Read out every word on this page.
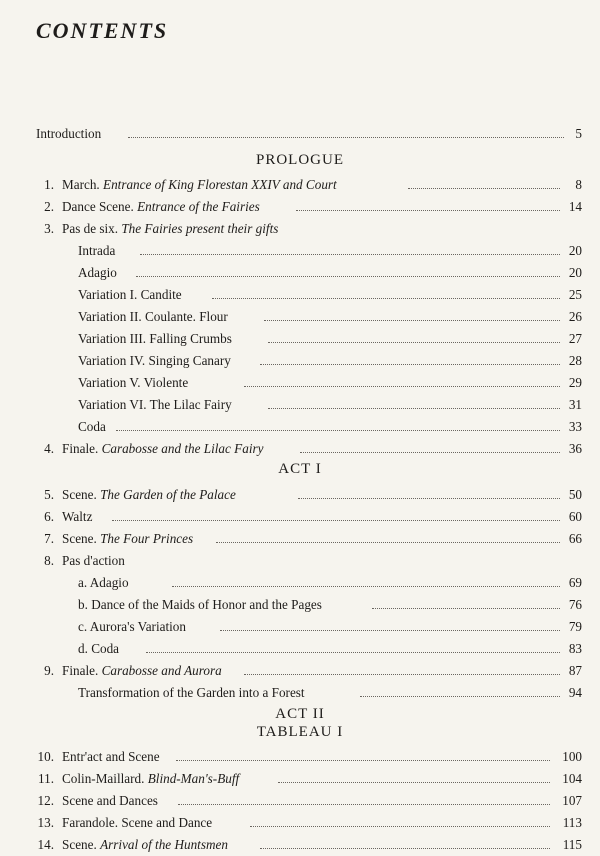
CONTENTS
Introduction	5
PROLOGUE
1. March. Entrance of King Florestan XXIV and Court	8
2. Dance Scene. Entrance of the Fairies	14
3. Pas de six. The Fairies present their gifts
Intrada	20
Adagio	20
Variation I. Candite	25
Variation II. Coulante. Flour	26
Variation III. Falling Crumbs	27
Variation IV. Singing Canary	28
Variation V. Violente	29
Variation VI. The Lilac Fairy	31
Coda	33
4. Finale. Carabosse and the Lilac Fairy	36
5. Scene. The Garden of the Palace	50
6. Waltz	60
7. Scene. The Four Princes	66
8. Pas d'action
a. Adagio	69
b. Dance of the Maids of Honor and the Pages	76
c. Aurora's Variation	79
d. Coda	83
9. Finale. Carabosse and Aurora	87
Transformation of the Garden into a Forest	94
10. Entr'act and Scene	100
11. Colin-Maillard. Blind-Man's-Buff	104
12. Scene and Dances	107
13. Farandole. Scene and Dance	113
14. Scene. Arrival of the Huntsmen	115
ACT I
ACT II
TABLEAU I
